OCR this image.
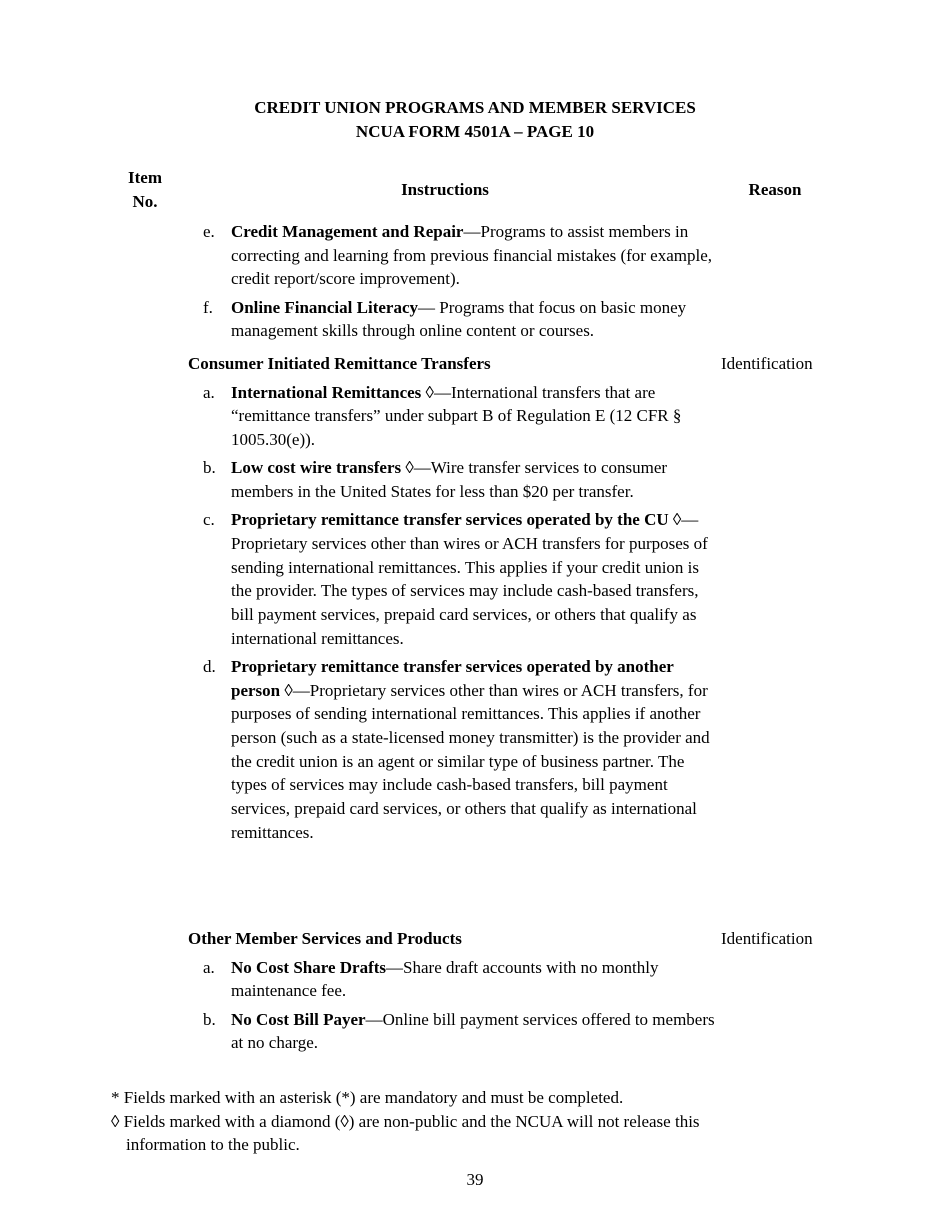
CREDIT UNION PROGRAMS AND MEMBER SERVICES
NCUA FORM 4501A – PAGE 10
Item
No.
Instructions	Reason
e. Credit Management and Repair—Programs to assist members in correcting and learning from previous financial mistakes (for example, credit report/score improvement).
f. Online Financial Literacy— Programs that focus on basic money management skills through online content or courses.

Consumer Initiated Remittance Transfers

a. International Remittances ◊—International transfers that are “remittance transfers” under subpart B of Regulation E (12 CFR § 1005.30(e)).
b. Low cost wire transfers ◊—Wire transfer services to consumer members in the United States for less than $20 per transfer.
c. Proprietary remittance transfer services operated by the CU ◊—Proprietary services other than wires or ACH transfers for purposes of sending international remittances. This applies if your credit union is the provider. The types of services may include cash-based transfers, bill payment services, prepaid card services, or others that qualify as international remittances.
d. Proprietary remittance transfer services operated by another person ◊—Proprietary services other than wires or ACH transfers, for purposes of sending international remittances. This applies if another person (such as a state-licensed money transmitter) is the provider and the credit union is an agent or similar type of business partner. The types of services may include cash-based transfers, bill payment services, prepaid card services, or others that qualify as international remittances.
Identification

Other Member Services and Products

a. No Cost Share Drafts—Share draft accounts with no monthly maintenance fee.
b. No Cost Bill Payer—Online bill payment services offered to members at no charge.
Identification

* Fields marked with an asterisk (*) are mandatory and must be completed.

◊ Fields marked with a diamond (◊) are non-public and the NCUA will not release this

information to the public.

39
